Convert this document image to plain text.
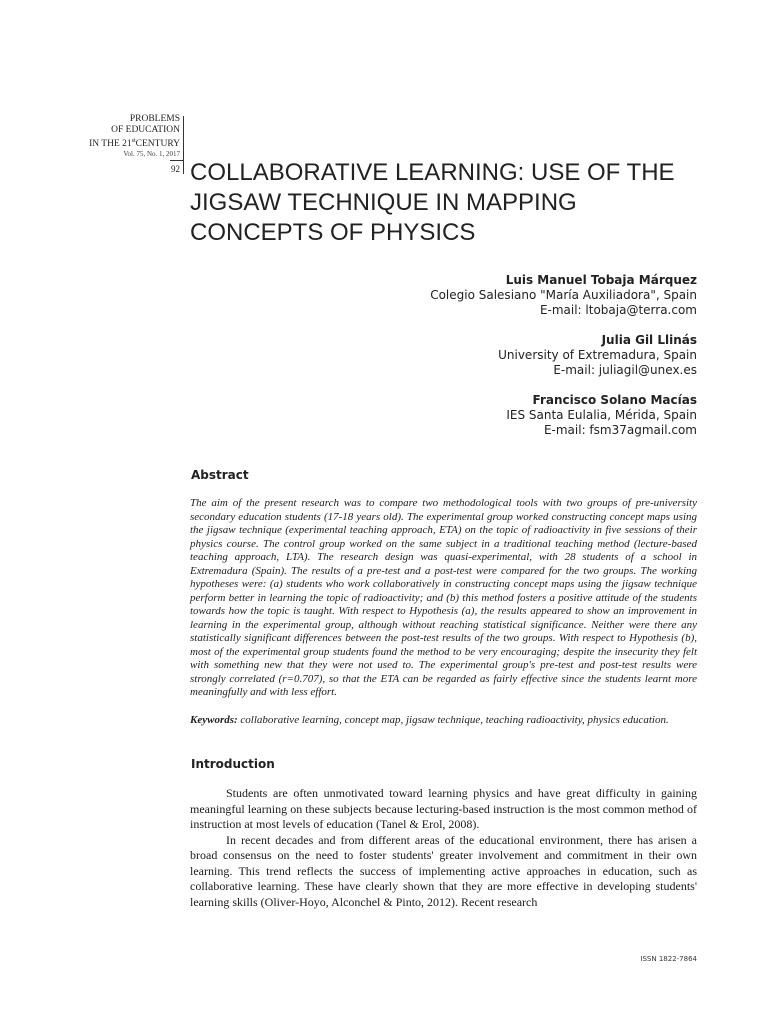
PROBLEMS
OF EDUCATION
IN THE 21stCENTURY
Vol. 75, No. 1, 2017
92 COLLABORATIVE LEARNING: USE OF THE JIGSAW TECHNIQUE IN MAPPING CONCEPTS OF PHYSICS
Luis Manuel Tobaja Márquez
Colegio Salesiano "María Auxiliadora", Spain
E-mail: ltobaja@terra.com
Julia Gil Llinás
University of Extremadura, Spain
E-mail: juliagil@unex.es
Francisco Solano Macías
IES Santa Eulalia, Mérida, Spain
E-mail: fsm37agmail.com
Abstract
The aim of the present research was to compare two methodological tools with two groups of pre-university secondary education students (17-18 years old). The experimental group worked constructing concept maps using the jigsaw technique (experimental teaching approach, ETA) on the topic of radioactivity in five sessions of their physics course. The control group worked on the same subject in a traditional teaching method (lecture-based teaching approach, LTA). The research design was quasi-experimental, with 28 students of a school in Extremadura (Spain). The results of a pre-test and a post-test were compared for the two groups. The working hypotheses were: (a) students who work collaboratively in constructing concept maps using the jigsaw technique perform better in learning the topic of radioactivity; and (b) this method fosters a positive attitude of the students towards how the topic is taught. With respect to Hypothesis (a), the results appeared to show an improvement in learning in the experimental group, although without reaching statistical significance. Neither were there any statistically significant differences between the post-test results of the two groups. With respect to Hypothesis (b), most of the experimental group students found the method to be very encouraging; despite the insecurity they felt with something new that they were not used to. The experimental group's pre-test and post-test results were strongly correlated (r=0.707), so that the ETA can be regarded as fairly effective since the students learnt more meaningfully and with less effort.
Keywords: collaborative learning, concept map, jigsaw technique, teaching radioactivity, physics education.
Introduction

Students are often unmotivated toward learning physics and have great difficulty in gaining meaningful learning on these subjects because lecturing-based instruction is the most common method of instruction at most levels of education (Tanel & Erol, 2008).

In recent decades and from different areas of the educational environment, there has arisen a broad consensus on the need to foster students' greater involvement and commitment in their own learning. This trend reflects the success of implementing active approaches in education, such as collaborative learning. These have clearly shown that they are more effective in developing students' learning skills (Oliver-Hoyo, Alconchel & Pinto, 2012). Recent research

ISSN 1822-7864
